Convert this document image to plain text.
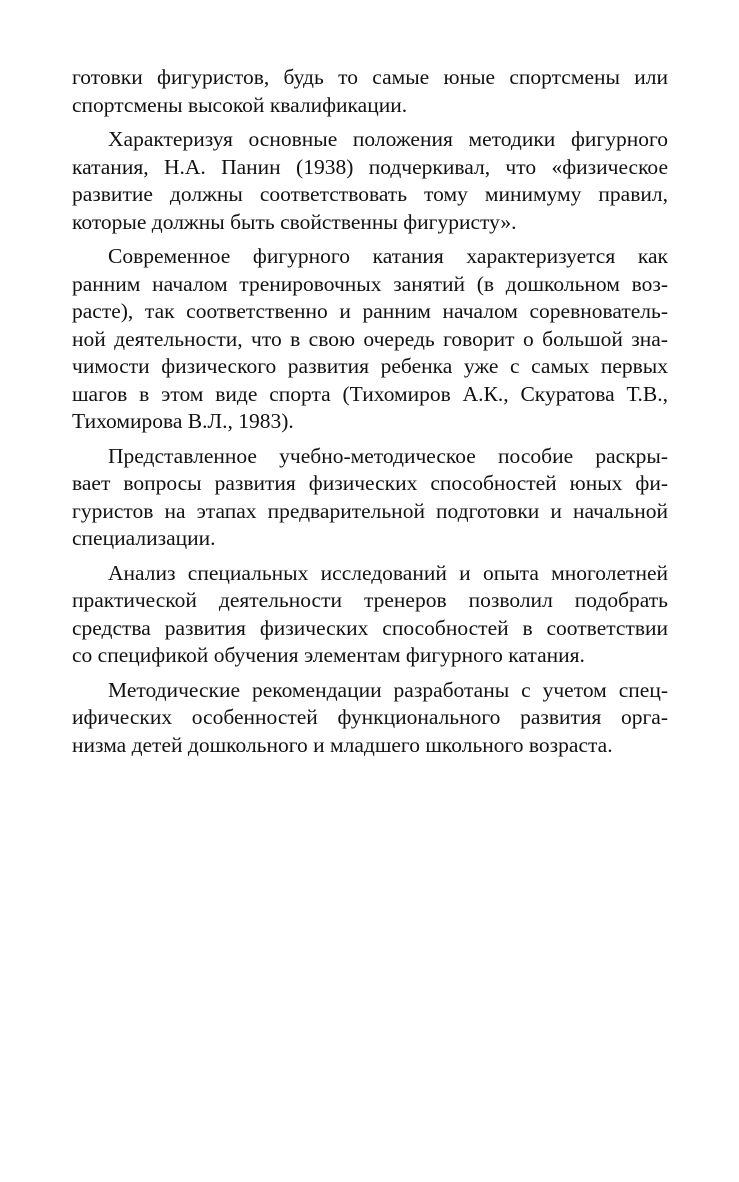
готовки фигуристов, будь то самые юные спортсмены или
спортсмены высокой квалификации.

Характеризуя основные положения методики фигурного
катания, Н.А. Панин (1938) подчеркивал, что «физическое
развитие должны соответствовать тому минимуму правил,
которые должны быть свойственны фигуристу».

Современное фигурного катания характеризуется как
ранним началом тренировочных занятий (в дошкольном воз-
расте), так соответственно и ранним началом соревнователь-
ной деятельности, что в свою очередь говорит о большой зна-
чимости физического развития ребенка уже с самых первых
шагов в этом виде спорта (Тихомиров А.К., Скуратова Т.В.,
Тихомирова В.Л., 1983).

Представленное учебно-методическое пособие раскры-
вает вопросы развития физических способностей юных фи-
гуристов на этапах предварительной подготовки и начальной
специализации.

Анализ специальных исследований и опыта многолетней
практической деятельности тренеров позволил подобрать
средства развития физических способностей в соответствии
со спецификой обучения элементам фигурного катания.

Методические рекомендации разработаны с учетом спец-
ифических особенностей функционального развития орга-
низма детей дошкольного и младшего школьного возраста.
